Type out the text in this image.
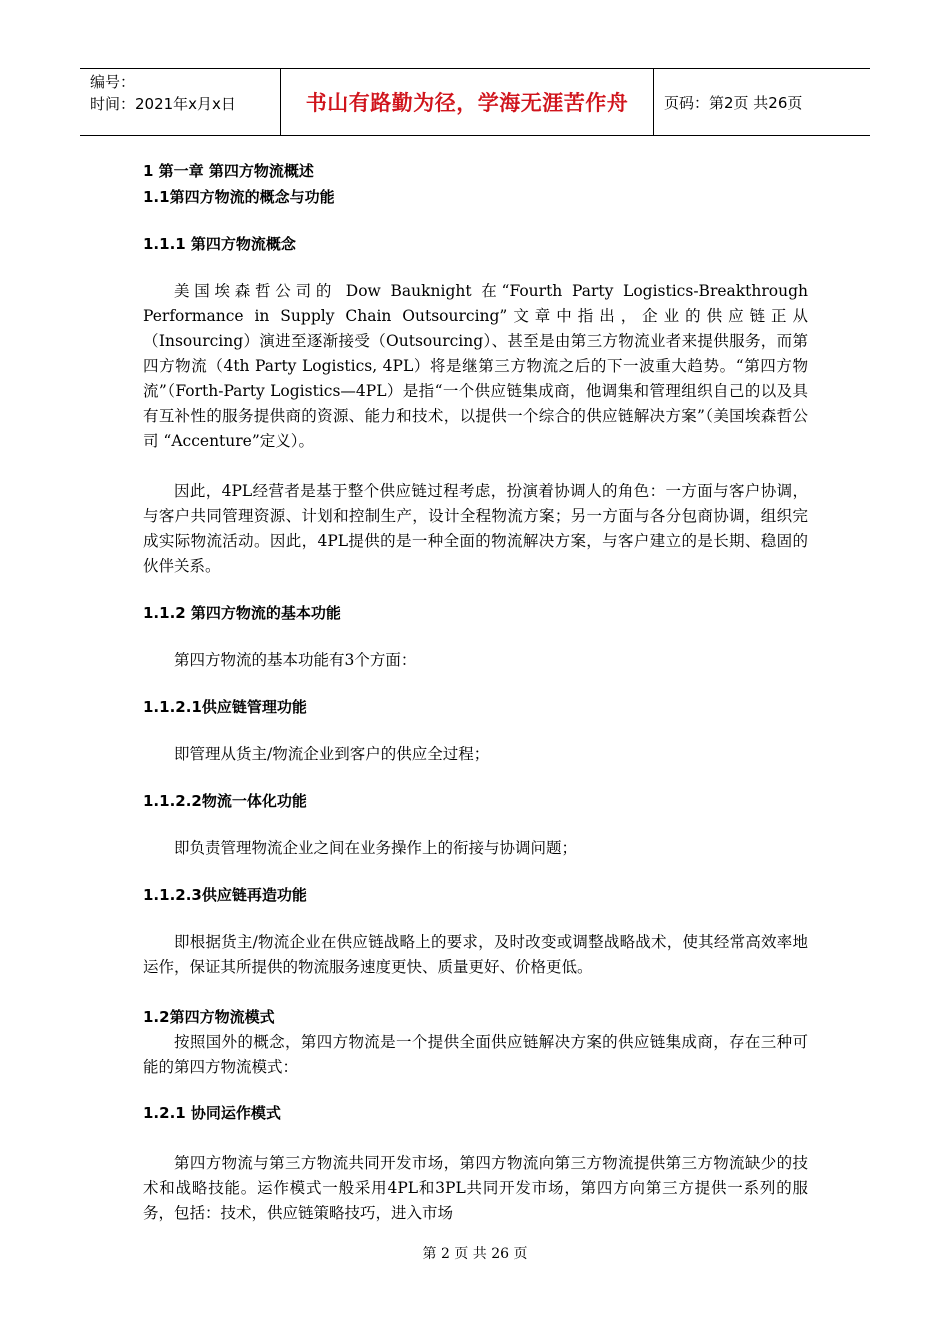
编号：
时间：2021年x月x日	书山有路勤为径，学海无涯苦作舟	页码：第2页 共26页
1 第一章 第四方物流概述
1.1第四方物流的概念与功能
1.1.1 第四方物流概念
美国埃森哲公司的 Dow Bauknight 在“Fourth Party Logistics-Breakthrough Performance in Supply Chain Outsourcing”文章中指出，企业的供应链正从（Insourcing）演进至逐渐接受（Outsourcing）、甚至是由第三方物流业者来提供服务，而第四方物流（4th Party Logistics, 4PL）将是继第三方物流之后的下一波重大趋势。“第四方物流”（Forth-Party Logistics—4PL）是指“一个供应链集成商，他调集和管理组织自己的以及具有互补性的服务提供商的资源、能力和技术，以提供一个综合的供应链解决方案”（美国埃森哲公司 “Accenture”定义）。
因此，4PL经营者是基于整个供应链过程考虑，扮演着协调人的角色：一方面与客户协调，与客户共同管理资源、计划和控制生产，设计全程物流方案；另一方面与各分包商协调，组织完成实际物流活动。因此，4PL提供的是一种全面的物流解决方案，与客户建立的是长期、稳固的伙伴关系。
1.1.2 第四方物流的基本功能
第四方物流的基本功能有3个方面：
1.1.2.1供应链管理功能
即管理从货主/物流企业到客户的供应全过程；
1.1.2.2物流一体化功能
即负责管理物流企业之间在业务操作上的衔接与协调问题；
1.1.2.3供应链再造功能
即根据货主/物流企业在供应链战略上的要求，及时改变或调整战略战术，使其经常高效率地运作，保证其所提供的物流服务速度更快、质量更好、价格更低。
1.2第四方物流模式
按照国外的概念，第四方物流是一个提供全面供应链解决方案的供应链集成商，存在三种可能的第四方物流模式：
1.2.1 协同运作模式
第四方物流与第三方物流共同开发市场，第四方物流向第三方物流提供第三方物流缺少的技术和战略技能。运作模式一般采用4PL和3PL共同开发市场，第四方向第三方提供一系列的服务，包括：技术，供应链策略技巧，进入市场
第 2 页 共 26 页
